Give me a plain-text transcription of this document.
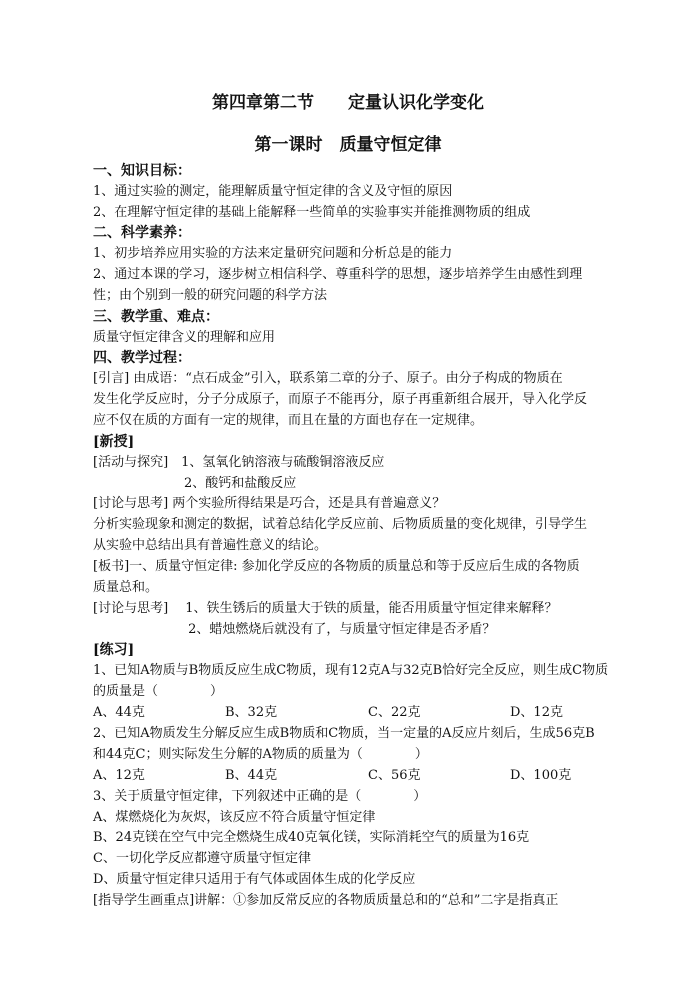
第四章第二节　　定量认识化学变化
第一课时　质量守恒定律
一、知识目标：
1、通过实验的测定，能理解质量守恒定律的含义及守恒的原因
2、在理解守恒定律的基础上能解释一些简单的实验事实并能推测物质的组成
二、科学素养：
1、初步培养应用实验的方法来定量研究问题和分析总是的能力
2、通过本课的学习，逐步树立相信科学、尊重科学的思想，逐步培养学生由感性到理
性；由个别到一般的研究问题的科学方法
三、教学重、难点：
质量守恒定律含义的理解和应用
四、教学过程：
[引言] 由成语：“点石成金”引入，联系第二章的分子、原子。由分子构成的物质在
发生化学反应时，分子分成原子，而原子不能再分，原子再重新组合展开，导入化学反
应不仅在质的方面有一定的规律，而且在量的方面也存在一定规律。
[新授]
[活动与探究]　1、氢氧化钠溶液与硫酸铜溶液反应
　　　　　　　2、酸钙和盐酸反应
[讨论与思考] 两个实验所得结果是巧合，还是具有普遍意义？
分析实验现象和测定的数据，试着总结化学反应前、后物质质量的变化规律，引导学生
从实验中总结出具有普遍性意义的结论。
[板书]一、质量守恒定律: 参加化学反应的各物质的质量总和等于反应后生成的各物质
质量总和。
[讨论与思考]　 1、铁生锈后的质量大于铁的质量，能否用质量守恒定律来解释？
　　　　　　　 2、蜡烛燃烧后就没有了，与质量守恒定律是否矛盾？
[练习]
1、已知A物质与B物质反应生成C物质，现有12克A与32克B恰好完全反应，则生成C物质
的质量是（　　　　）
A、44克	B、32克	C、22克	D、12克
2、已知A物质发生分解反应生成B物质和C物质，当一定量的A反应片刻后，生成56克B
和44克C；则实际发生分解的A物质的质量为（　　　　）
A、12克	B、44克	C、56克	D、100克
3、关于质量守恒定律，下列叙述中正确的是（　　　　）
A、煤燃烧化为灰烬，该反应不符合质量守恒定律
B、24克镁在空气中完全燃烧生成40克氧化镁，实际消耗空气的质量为16克
C、一切化学反应都遵守质量守恒定律
D、质量守恒定律只适用于有气体或固体生成的化学反应
[指导学生画重点]讲解：①参加反常反应的各物质质量总和的“总和”二字是指真正
